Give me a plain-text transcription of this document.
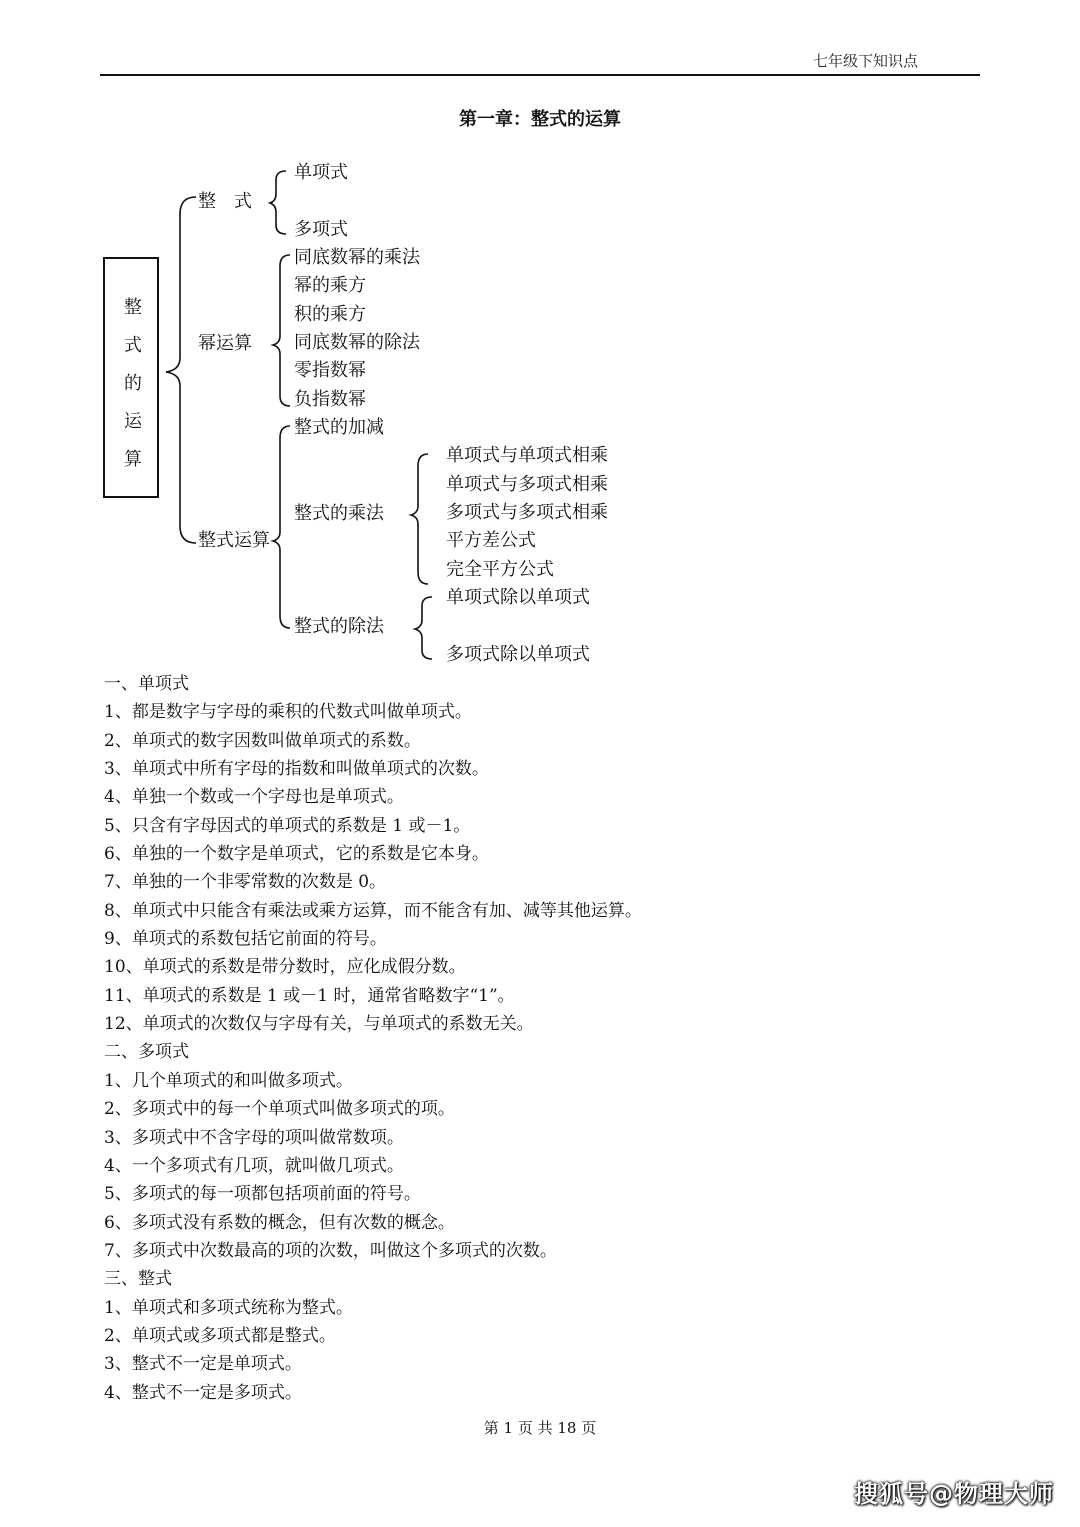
七年级下知识点
第一章：整式的运算
整
式
的
运
算
整　式
单项式
多项式
幂运算
同底数幂的乘法
幂的乘方
积的乘方
同底数幂的除法
零指数幂
负指数幂
整式运算
整式的加减
整式的乘法
单项式与单项式相乘
单项式与多项式相乘
多项式与多项式相乘
平方差公式
完全平方公式
整式的除法
单项式除以单项式
多项式除以单项式
一、单项式
1、都是数字与字母的乘积的代数式叫做单项式。
2、单项式的数字因数叫做单项式的系数。
3、单项式中所有字母的指数和叫做单项式的次数。
4、单独一个数或一个字母也是单项式。
5、只含有字母因式的单项式的系数是 1 或－1。
6、单独的一个数字是单项式，它的系数是它本身。
7、单独的一个非零常数的次数是 0。
8、单项式中只能含有乘法或乘方运算，而不能含有加、减等其他运算。
9、单项式的系数包括它前面的符号。
10、单项式的系数是带分数时，应化成假分数。
11、单项式的系数是 1 或－1 时，通常省略数字“1”。
12、单项式的次数仅与字母有关，与单项式的系数无关。
二、多项式
1、几个单项式的和叫做多项式。
2、多项式中的每一个单项式叫做多项式的项。
3、多项式中不含字母的项叫做常数项。
4、一个多项式有几项，就叫做几项式。
5、多项式的每一项都包括项前面的符号。
6、多项式没有系数的概念，但有次数的概念。
7、多项式中次数最高的项的次数，叫做这个多项式的次数。
三、整式
1、单项式和多项式统称为整式。
2、单项式或多项式都是整式。
3、整式不一定是单项式。
4、整式不一定是多项式。
第 1 页 共 18 页
搜狐号@物理大师
